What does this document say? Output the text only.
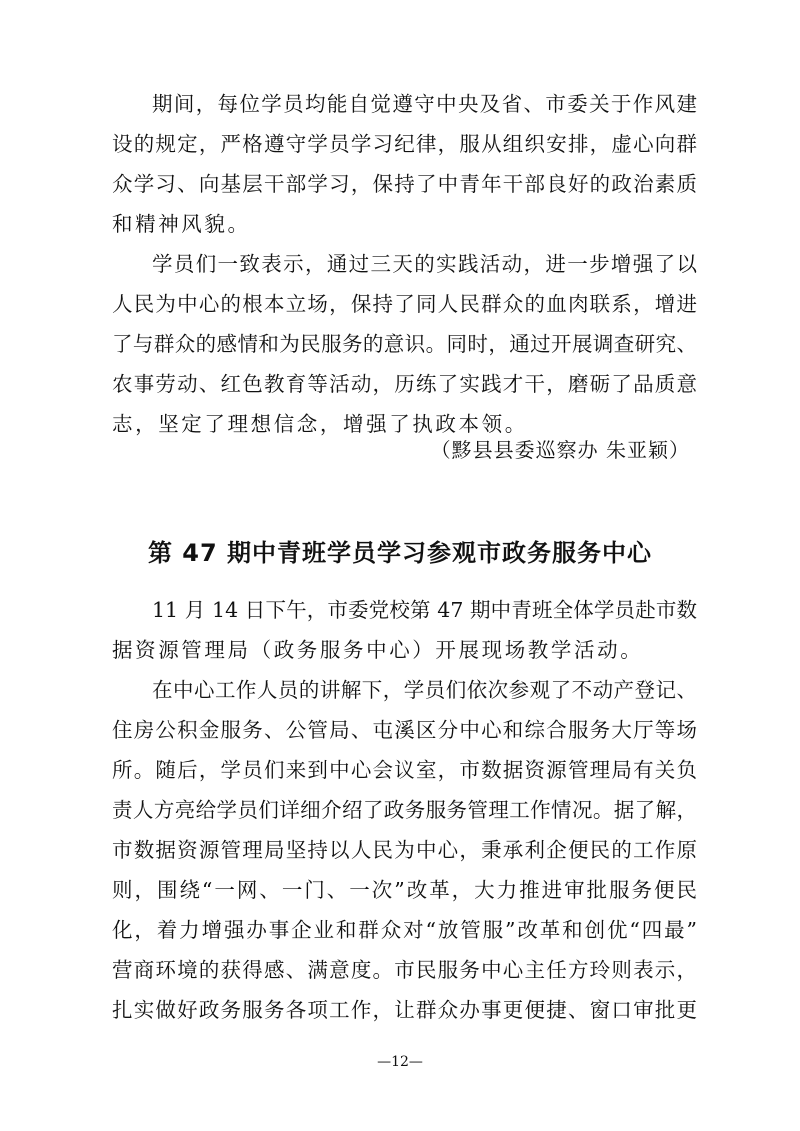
期间，每位学员均能自觉遵守中央及省、市委关于作风建
设的规定，严格遵守学员学习纪律，服从组织安排，虚心向群
众学习、向基层干部学习，保持了中青年干部良好的政治素质
和精神风貌。
学员们一致表示，通过三天的实践活动，进一步增强了以
人民为中心的根本立场，保持了同人民群众的血肉联系，增进
了与群众的感情和为民服务的意识。同时，通过开展调查研究、
农事劳动、红色教育等活动，历练了实践才干，磨砺了品质意
志，坚定了理想信念，增强了执政本领。
（黟县县委巡察办 朱亚颖）
第 47 期中青班学员学习参观市政务服务中心
11 月 14 日下午，市委党校第 47 期中青班全体学员赴市数
据资源管理局（政务服务中心）开展现场教学活动。
在中心工作人员的讲解下，学员们依次参观了不动产登记、
住房公积金服务、公管局、屯溪区分中心和综合服务大厅等场
所。随后，学员们来到中心会议室，市数据资源管理局有关负
责人方亮给学员们详细介绍了政务服务管理工作情况。据了解，
市数据资源管理局坚持以人民为中心，秉承利企便民的工作原
则，围绕“一网、一门、一次”改革，大力推进审批服务便民
化，着力增强办事企业和群众对“放管服”改革和创优“四最”
营商环境的获得感、满意度。市民服务中心主任方玲则表示，
扎实做好政务服务各项工作，让群众办事更便捷、窗口审批更
—12—
